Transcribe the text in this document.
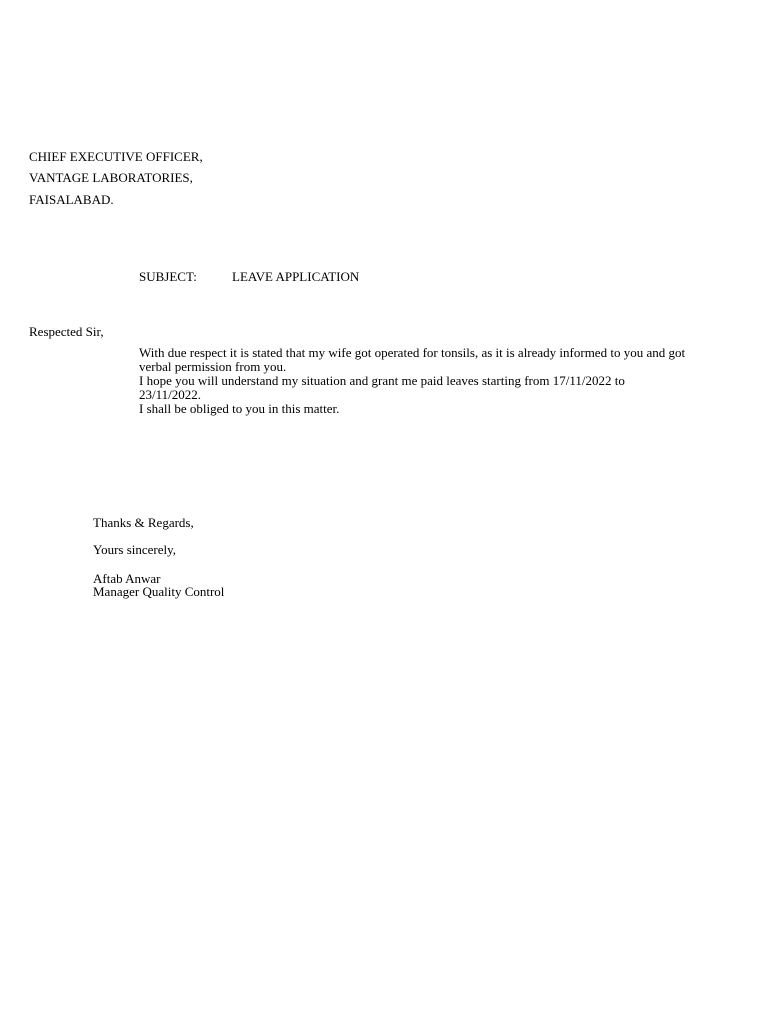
CHIEF EXECUTIVE OFFICER,
VANTAGE LABORATORIES,
FAISALABAD.
SUBJECT:	LEAVE APPLICATION
Respected Sir,

With due respect it is stated that my wife got operated for tonsils, as it is already informed to you and got verbal permission from you.

I hope you will understand my situation and grant me paid leaves starting from 17/11/2022 to 23/11/2022.

I shall be obliged to you in this matter.

Thanks & Regards,
Yours sincerely,
Aftab Anwar
Manager Quality Control
